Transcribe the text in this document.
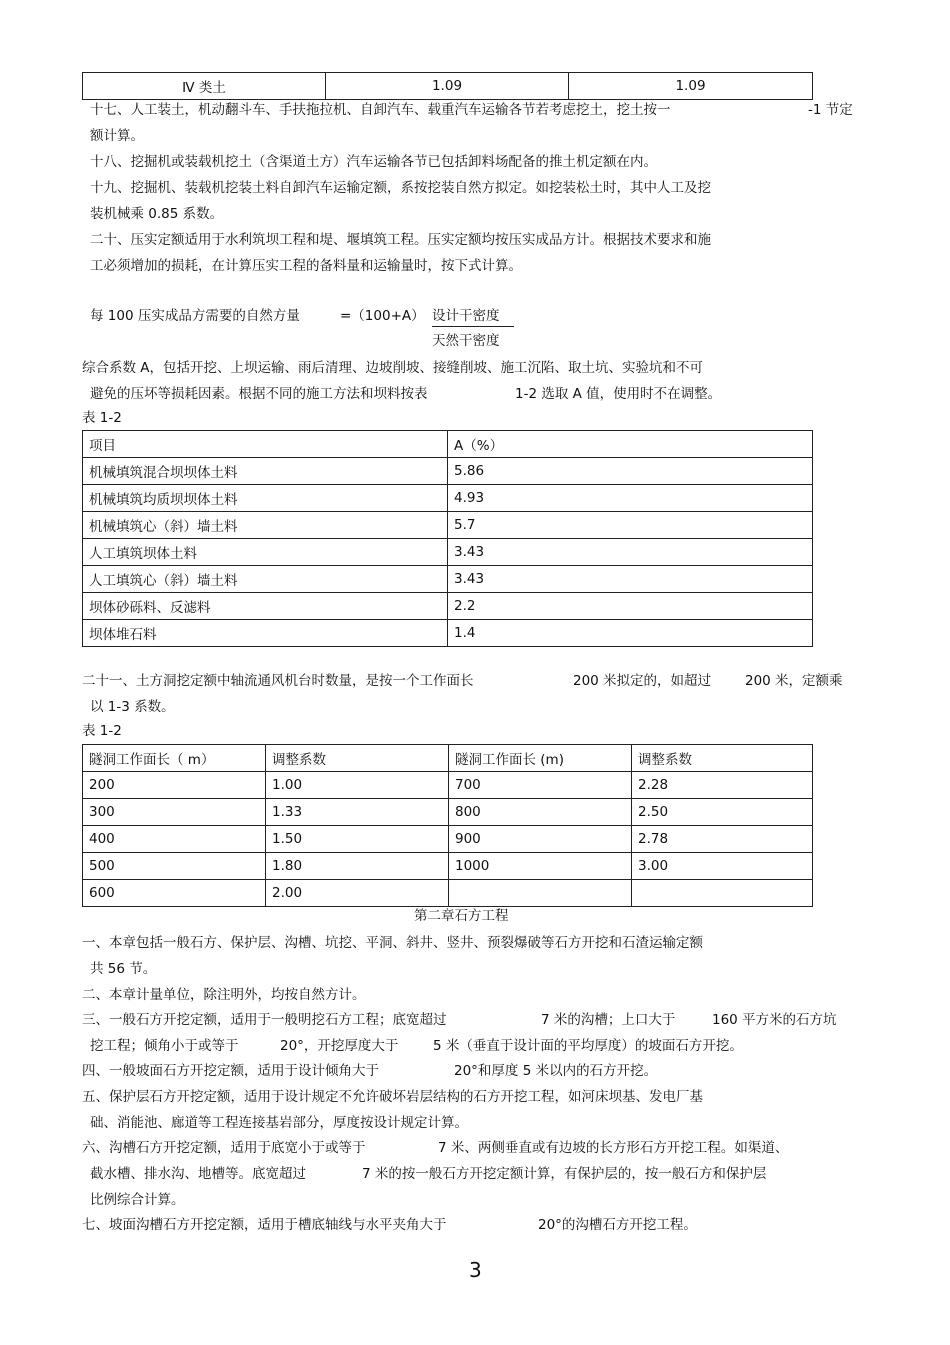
Ⅳ 类土	1.09	1.09
十七、人工装土，机动翻斗车、手扶拖拉机、自卸汽车、载重汽车运输各节若考虑挖土，挖土按一	-1 节定
额计算。
十八、挖掘机或装载机挖土（含渠道土方）汽车运输各节已包括卸料场配备的推土机定额在内。
十九、挖掘机、装载机挖装土料自卸汽车运输定额，系按挖装自然方拟定。如挖装松土时，其中人工及挖
装机械乘 0.85 系数。
二十、压实定额适用于水利筑坝工程和堤、堰填筑工程。压实定额均按压实成品方计。根据技术要求和施
工必须增加的损耗，在计算压实工程的备料量和运输量时，按下式计算。
每 100 压实成品方需要的自然方量	=（100+A） 设计干密度
天然干密度
综合系数 A，包括开挖、上坝运输、雨后清理、边坡削坡、接缝削坡、施工沉陷、取土坑、实验坑和不可
避免的压坏等损耗因素。根据不同的施工方法和坝料按表	1-2 选取 A 值，使用时不在调整。
表 1-2
项目	A（%）
机械填筑混合坝坝体土料	5.86
机械填筑均质坝坝体土料	4.93
机械填筑心（斜）墙土料	5.7
人工填筑坝体土料	3.43
人工填筑心（斜）墙土料	3.43
坝体砂砾料、反滤料	2.2
坝体堆石料	1.4
二十一、土方洞挖定额中轴流通风机台时数量，是按一个工作面长	200 米拟定的，如超过	200 米，定额乘
以 1-3 系数。
表 1-2
隧洞工作面长（ m）	调整系数	隧洞工作面长 (m)	调整系数
200	1.00	700	2.28
300	1.33	800	2.50
400	1.50	900	2.78
500	1.80	1000	3.00
600	2.00		
第二章石方工程
一、本章包括一般石方、保护层、沟槽、坑挖、平洞、斜井、竖井、预裂爆破等石方开挖和石渣运输定额
共 56 节。
二、本章计量单位，除注明外，均按自然方计。
三、一般石方开挖定额，适用于一般明挖石方工程；底宽超过	7 米的沟槽；上口大于	160 平方米的石方坑
挖工程；倾角小于或等于	20°，开挖厚度大于	5 米（垂直于设计面的平均厚度）的坡面石方开挖。
四、一般坡面石方开挖定额，适用于设计倾角大于	20°和厚度 5 米以内的石方开挖。
五、保护层石方开挖定额，适用于设计规定不允许破坏岩层结构的石方开挖工程，如河床坝基、发电厂基
础、消能池、廊道等工程连接基岩部分，厚度按设计规定计算。
六、沟槽石方开挖定额，适用于底宽小于或等于	7 米、两侧垂直或有边坡的长方形石方开挖工程。如渠道、
截水槽、排水沟、地槽等。底宽超过	7 米的按一般石方开挖定额计算，有保护层的，按一般石方和保护层
比例综合计算。
七、坡面沟槽石方开挖定额，适用于槽底轴线与水平夹角大于	20°的沟槽石方开挖工程。
3
